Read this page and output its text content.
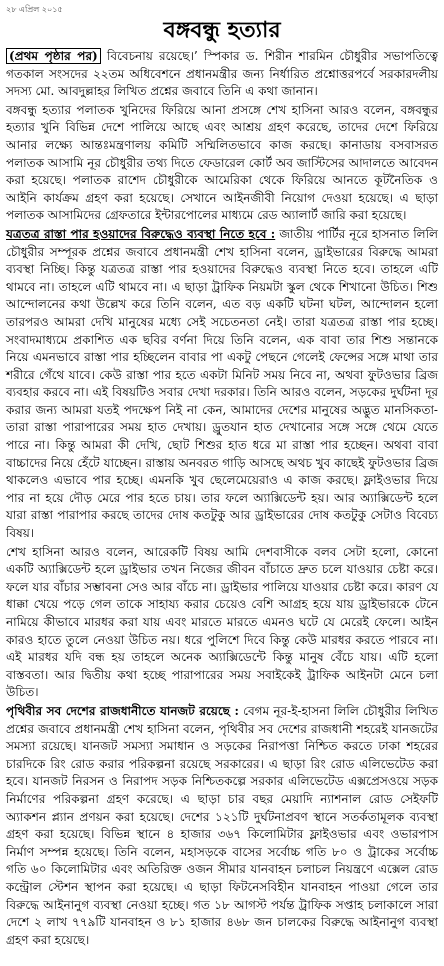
২৮ এপ্রিল ২০১৫
বঙ্গবন্ধু হত্যার

(প্রথম পৃষ্ঠার পর) বিবেচনায় রয়েছে।’ স্পিকার ড. শিরীন শারমিন চৌধুরীর সভাপতিত্বে গতকাল সংসদের ২২তম অধিবেশনে প্রধানমন্ত্রীর জন্য নির্ধারিত প্রশ্নোত্তরপর্বে সরকারদলীয় সদস্য মো. আবদুল্লাহর লিখিত প্রশ্নের জবাবে তিনি এ কথা জানান।

বঙ্গবন্ধু হত্যার পলাতক খুনিদের ফিরিয়ে আনা প্রসঙ্গে শেখ হাসিনা আরও বলেন, বঙ্গবন্ধুর হত্যার খুনি বিভিন্ন দেশে পালিয়ে আছে এবং আশ্রয় গ্রহণ করেছে, তাদের দেশে ফিরিয়ে আনার লক্ষ্যে আন্তঃমন্ত্রণালয় কমিটি সম্মিলিতভাবে কাজ করছে। কানাডায় বসবাসরত পলাতক আসামি নূর চৌধুরীর তথ্য দিতে ফেডারেল কোর্ট অব জাস্টিসের আদালতে আবেদন করা হয়েছে। পলাতক রাশেদ চৌধুরীকে আমেরিকা থেকে ফিরিয়ে আনতে কূটনৈতিক ও আইনি কার্যক্রম গ্রহণ করা হয়েছে। সেখানে আইনজীবী নিয়োগ দেওয়া হয়েছে। এ ছাড়া পলাতক আসামিদের গ্রেফতারে ইন্টারপোলের মাধ্যমে রেড অ্যালার্ট জারি করা হয়েছে।

যত্রতত্র রাস্তা পার হওয়াদের বিরুদ্ধেও ব্যবস্থা নিতে হবে : জাতীয় পার্টির নূরে হাসনাত লিলি চৌধুরীর সম্পূরক প্রশ্নের জবাবে প্রধানমন্ত্রী শেখ হাসিনা বলেন, ড্রাইভারের বিরুদ্ধে আমরা ব্যবস্থা নিচ্ছি। কিন্তু যত্রতত্র রাস্তা পার হওয়াদের বিরুদ্ধেও ব্যবস্থা নিতে হবে। তাহলে এটি থামবে না। তাহলে এটি থামবে না। এ ছাড়া ট্রাফিক নিয়মটা স্কুল থেকে শিখানো উচিত। শিশু আন্দোলনের কথা উল্লেখ করে তিনি বলেন, এত বড় একটি ঘটনা ঘটল, আন্দোলন হলো তারপরও আমরা দেখি মানুষের মধ্যে সেই সচেতনতা নেই। তারা যত্রতত্র রাস্তা পার হচ্ছে। সংবাদমাধ্যমে প্রকাশিত এক ছবির বর্ণনা দিয়ে তিনি বলেন, এক বাবা তার শিশু সন্তানকে নিয়ে এমনভাবে রাস্তা পার হচ্ছিলেন বাবার পা একটু পেছনে গেলেই ফেন্সের সঙ্গে মাথা তার শরীরে গেঁথে যাবে। কেউ রাস্তা পার হতে একটা মিনিট সময় নিবে না, অথবা ফুটওভার ব্রিজ ব্যবহার করবে না। এই বিষয়টিও সবার দেখা দরকার। তিনি আরও বলেন, সড়কের দুর্ঘটনা দূর করার জন্য আমরা যতই পদক্ষেপ নিই না কেন, আমাদের দেশের মানুষের অদ্ভুত মানসিকতা-তারা রাস্তা পারাপারের সময় হাত দেখায়। ড্রুতযান হাত দেখানোর সঙ্গে সঙ্গে থেমে যেতে পারে না। কিন্তু আমরা কী দেখি, ছোট শিশুর হাত ধরে মা রাস্তা পার হচ্ছেন। অথবা বাবা বাচ্চাদের নিয়ে হেঁটে যাচ্ছেন। রাস্তায় অনবরত গাড়ি আসছে অথচ খুব কাছেই ফুটওভার ব্রিজ থাকলেও এভাবে পার হচ্ছে। এমনকি খুব ছেলেমেয়েরাও এ কাজ করছে। ফ্লাইওভার দিয়ে পার না হয়ে দৌড় মেরে পার হতে চায়। তার ফলে অ্যাক্সিডেন্ট হয়। আর অ্যাক্সিডেন্ট হলে যারা রাস্তা পারাপার করছে তাদের দোষ কতটুকু আর ড্রাইভারের দোষ কতটুকু সেটাও বিবেচ্য বিষয়।

শেখ হাসিনা আরও বলেন, আরেকটি বিষয় আমি দেশবাসীকে বলব সেটা হলো, কোনো একটি অ্যাক্সিডেন্ট হলে ড্রাইভার তখন নিজের জীবন বাঁচাতে দ্রুত চলে যাওয়ার চেষ্টা করে। ফলে যার বাঁচার সম্ভাবনা সেও আর বাঁচে না। ড্রাইভার পালিয়ে যাওয়ার চেষ্টা করে। কারণ যে ধাক্কা খেয়ে পড়ে গেল তাকে সাহায্য করার চেয়েও বেশি আগ্রহ হয়ে যায় ড্রাইভারকে টেনে নামিয়ে কীভাবে মারধর করা যায় এবং মারতে মারতে এমনও ঘটে যে মেরেই ফেলে। আইন কারও হাতে তুলে নেওয়া উচিত নয়। ধরে পুলিশে দিবে কিন্তু কেউ মারধর করতে পারবে না। এই মারধর যদি বন্ধ হয় তাহলে অনেক অ্যাক্সিডেন্টে কিন্তু মানুষ বেঁচে যায়। এটি হলো বাস্তবতা। আর দ্বিতীয় কথা হচ্ছে পারাপারের সময় সবাইকেই ট্রাফিক আইনটা মেনে চলা উচিত।

পৃথিবীর সব দেশের রাজধানীতে যানজট রয়েছে : বেগম নূর-ই-হাসনা লিলি চৌধুরীর লিখিত প্রশ্নের জবাবে প্রধানমন্ত্রী শেখ হাসিনা বলেন, পৃথিবীর সব দেশের রাজধানী শহরেই যানজটের সমস্যা রয়েছে। যানজট সমস্যা সমাধান ও সড়কের নিরাপত্তা নিশ্চিত করতে ঢাকা শহরের চারদিকে রিং রোড করার পরিকল্পনা রয়েছে সরকারের। এ ছাড়া রিং রোড এলিভেটেড করা হবে। যানজট নিরসন ও নিরাপদ সড়ক নিশ্চিতকল্পে সরকার এলিভেটেড এক্সপ্রেসওয়ে সড়ক নির্মাণের পরিকল্পনা গ্রহণ করেছে। এ ছাড়া চার বছর মেয়াদি ন্যাশনাল রোড সেইফটি অ্যাকশন প্ল্যান প্রণয়ন করা হয়েছে। দেশের ১২১টি দুর্ঘটনাপ্রবণ স্থানে সতর্কতামূলক ব্যবস্থা গ্রহণ করা হয়েছে। বিভিন্ন স্থানে ৪ হাজার ৩৬৭ কিলোমিটার ফ্লাইওভার এবং ওভারপাস নির্মাণ সম্পন্ন হয়েছে। তিনি বলেন, মহাসড়কে বাসের সর্বোচ্চ গতি ৮০ ও ট্রাকের সর্বোচ্চ গতি ৬০ কিলোমিটার এবং অতিরিক্ত ওজন সীমার যানবাহন চলাচল নিয়ন্ত্রণে এক্সেল রোড কন্ট্রোল স্টেশন স্থাপন করা হয়েছে। এ ছাড়া ফিটনেসবিহীন যানবাহন পাওয়া গেলে তার বিরুদ্ধে আইনানুগ ব্যবস্থা নেওয়া হচ্ছে। গত ১৮ আগস্ট পর্যন্ত ট্রাফিক সপ্তাহ চলাকালে সারা দেশে ২ লাখ ৭৭৯টি যানবাহন ও ৮১ হাজার ৪৬৮ জন চালকের বিরুদ্ধে আইনানুগ ব্যবস্থা গ্রহণ করা হয়েছে।
